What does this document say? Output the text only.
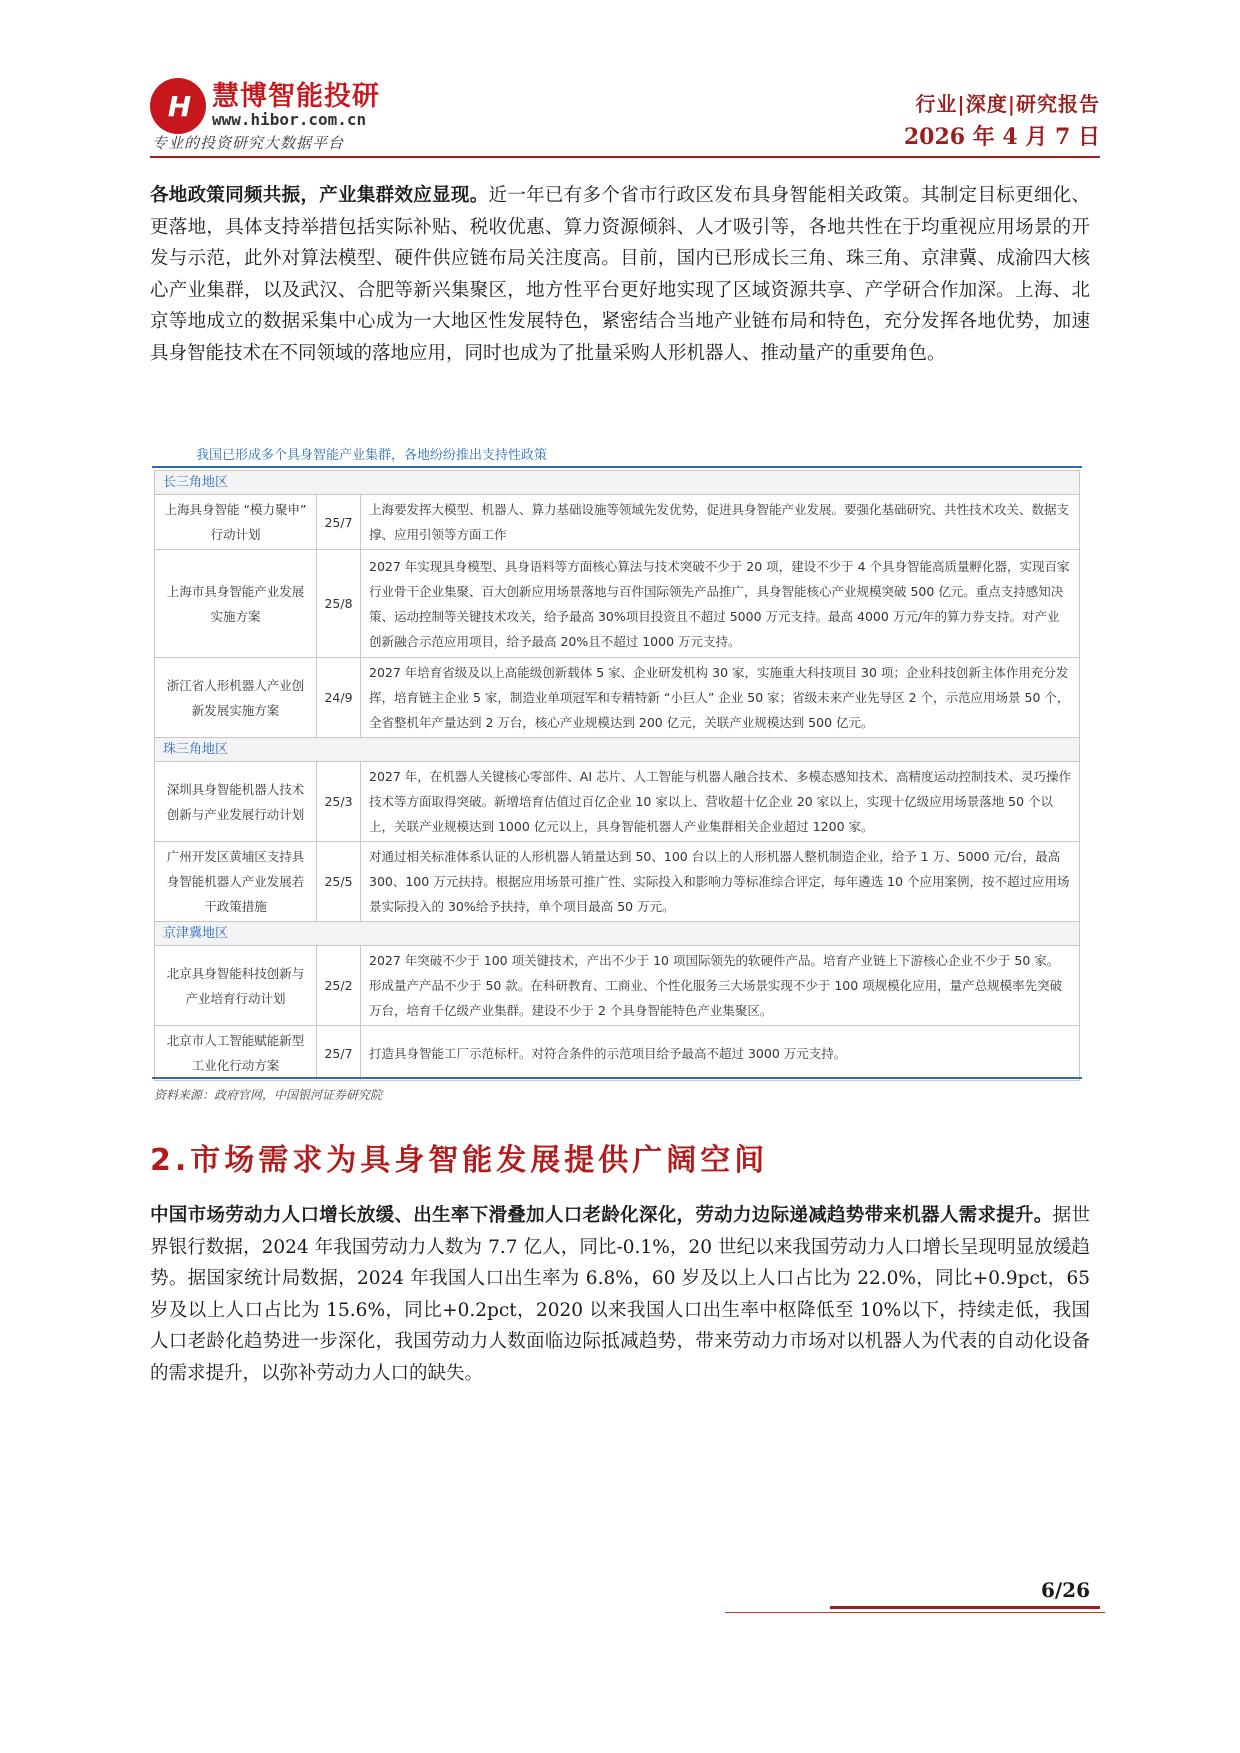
H 慧博智能投研
www.hibor.com.cn
专业的投资研究大数据平台
行业|深度|研究报告
2026 年 4 月 7 日

各地政策同频共振，产业集群效应显现。近一年已有多个省市行政区发布具身智能相关政策。其制定目标更细化、更落地，具体支持举措包括实际补贴、税收优惠、算力资源倾斜、人才吸引等，各地共性在于均重视应用场景的开发与示范，此外对算法模型、硬件供应链布局关注度高。目前，国内已形成长三角、珠三角、京津冀、成渝四大核心产业集群，以及武汉、合肥等新兴集聚区，地方性平台更好地实现了区域资源共享、产学研合作加深。上海、北京等地成立的数据采集中心成为一大地区性发展特色，紧密结合当地产业链布局和特色，充分发挥各地优势，加速具身智能技术在不同领域的落地应用，同时也成为了批量采购人形机器人、推动量产的重要角色。

我国已形成多个具身智能产业集群，各地纷纷推出支持性政策
长三角地区		
上海具身智能 “模力聚申” 行动计划	25/7	上海要发挥大模型、机器人、算力基础设施等领域先发优势，促进具身智能产业发展。要强化基础研究、共性技术攻关、数据支撑、应用引领等方面工作
上海市具身智能产业发展实施方案	25/8	2027 年实现具身模型、具身语料等方面核心算法与技术突破不少于 20 项，建设不少于 4 个具身智能高质量孵化器，实现百家行业骨干企业集聚、百大创新应用场景落地与百件国际领先产品推广，具身智能核心产业规模突破 500 亿元。重点支持感知决策、运动控制等关键技术攻关，给予最高 30%项目投资且不超过 5000 万元支持。最高 4000 万元/年的算力券支持。对产业创新融合示范应用项目，给予最高 20%且不超过 1000 万元支持。
浙江省人形机器人产业创新发展实施方案	24/9	2027 年培育省级及以上高能级创新载体 5 家、企业研发机构 30 家，实施重大科技项目 30 项；企业科技创新主体作用充分发挥，培育链主企业 5 家，制造业单项冠军和专精特新 “小巨人” 企业 50 家；省级未来产业先导区 2 个，示范应用场景 50 个，全省整机年产量达到 2 万台，核心产业规模达到 200 亿元，关联产业规模达到 500 亿元。
珠三角地区		
深圳具身智能机器人技术创新与产业发展行动计划	25/3	2027 年，在机器人关键核心零部件、AI 芯片、人工智能与机器人融合技术、多模态感知技术、高精度运动控制技术、灵巧操作技术等方面取得突破。新增培育估值过百亿企业 10 家以上、营收超十亿企业 20 家以上，实现十亿级应用场景落地 50 个以上，关联产业规模达到 1000 亿元以上，具身智能机器人产业集群相关企业超过 1200 家。
广州开发区黄埔区支持具身智能机器人产业发展若干政策措施	25/5	对通过相关标准体系认证的人形机器人销量达到 50、100 台以上的人形机器人整机制造企业，给予 1 万、5000 元/台，最高 300、100 万元扶持。根据应用场景可推广性、实际投入和影响力等标准综合评定，每年遴选 10 个应用案例，按不超过应用场景实际投入的 30%给予扶持，单个项目最高 50 万元。
京津冀地区		
北京具身智能科技创新与产业培育行动计划	25/2	2027 年突破不少于 100 项关键技术，产出不少于 10 项国际领先的软硬件产品。培育产业链上下游核心企业不少于 50 家。形成量产产品不少于 50 款。在科研教育、工商业、个性化服务三大场景实现不少于 100 项规模化应用，量产总规模率先突破万台，培育千亿级产业集群。建设不少于 2 个具身智能特色产业集聚区。
北京市人工智能赋能新型工业化行动方案	25/7	打造具身智能工厂示范标杆。对符合条件的示范项目给予最高不超过 3000 万元支持。
资料来源：政府官网，中国银河证券研究院
2.市场需求为具身智能发展提供广阔空间

中国市场劳动力人口增长放缓、出生率下滑叠加人口老龄化深化，劳动力边际递减趋势带来机器人需求提升。据世界银行数据，2024 年我国劳动力人数为 7.7 亿人，同比-0.1%，20 世纪以来我国劳动力人口增长呈现明显放缓趋势。据国家统计局数据，2024 年我国人口出生率为 6.8%，60 岁及以上人口占比为 22.0%，同比+0.9pct，65 岁及以上人口占比为 15.6%，同比+0.2pct，2020 以来我国人口出生率中枢降低至 10%以下，持续走低，我国人口老龄化趋势进一步深化，我国劳动力人数面临边际抵减趋势，带来劳动力市场对以机器人为代表的自动化设备的需求提升，以弥补劳动力人口的缺失。

6/26
